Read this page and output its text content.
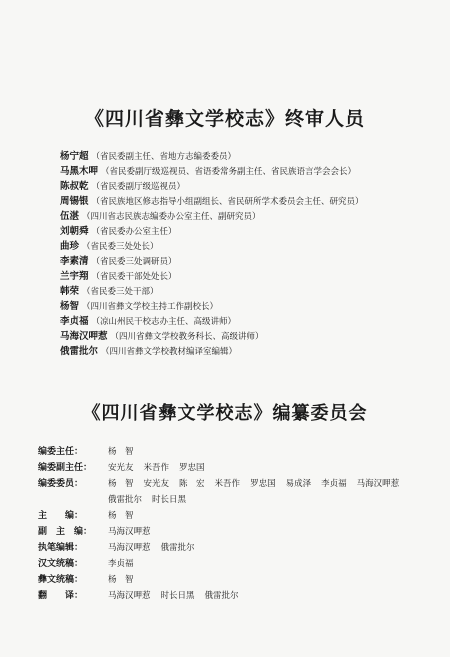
《四川省彝文学校志》终审人员
杨宁超 （省民委副主任、省地方志编委委员）
马黑木呷 （省民委副厅级巡视员、省语委常务副主任、省民族语言学会会长）
陈叔乾 （省民委副厅级巡视员）
周锡银 （省民族地区修志指导小组副组长、省民研所学术委员会主任、研究员）
伍湛 （四川省志民族志编委办公室主任、副研究员）
刘朝舜 （省民委办公室主任）
曲珍 （省民委三处处长）
李素清 （省民委三处调研员）
兰宇翔 （省民委干部处处长）
韩荣 （省民委三处干部）
杨智 （四川省彝文学校主持工作副校长）
李贞福 （凉山州民干校志办主任、高级讲师）
马海汉呷惹 （四川省彝文学校教务科长、高级讲师）
俄雷批尔 （四川省彝文学校教材编译室编辑）
《四川省彝文学校志》编纂委员会
编委主任：	杨　智
编委副主任：	安光友 米吾作 罗忠国
编委委员：	杨　智 安光友 陈　宏 米吾作 罗忠国 易成泽 李贞福 马海汉呷惹
俄雷批尔 时长日黑
主　　编：	杨　智
副　主　编：	马海汉呷惹
执笔编辑：	马海汉呷惹 俄雷批尔
汉文统稿：	李贞福
彝文统稿：	杨　智
翻　　译：	马海汉呷惹 时长日黑 俄雷批尔
